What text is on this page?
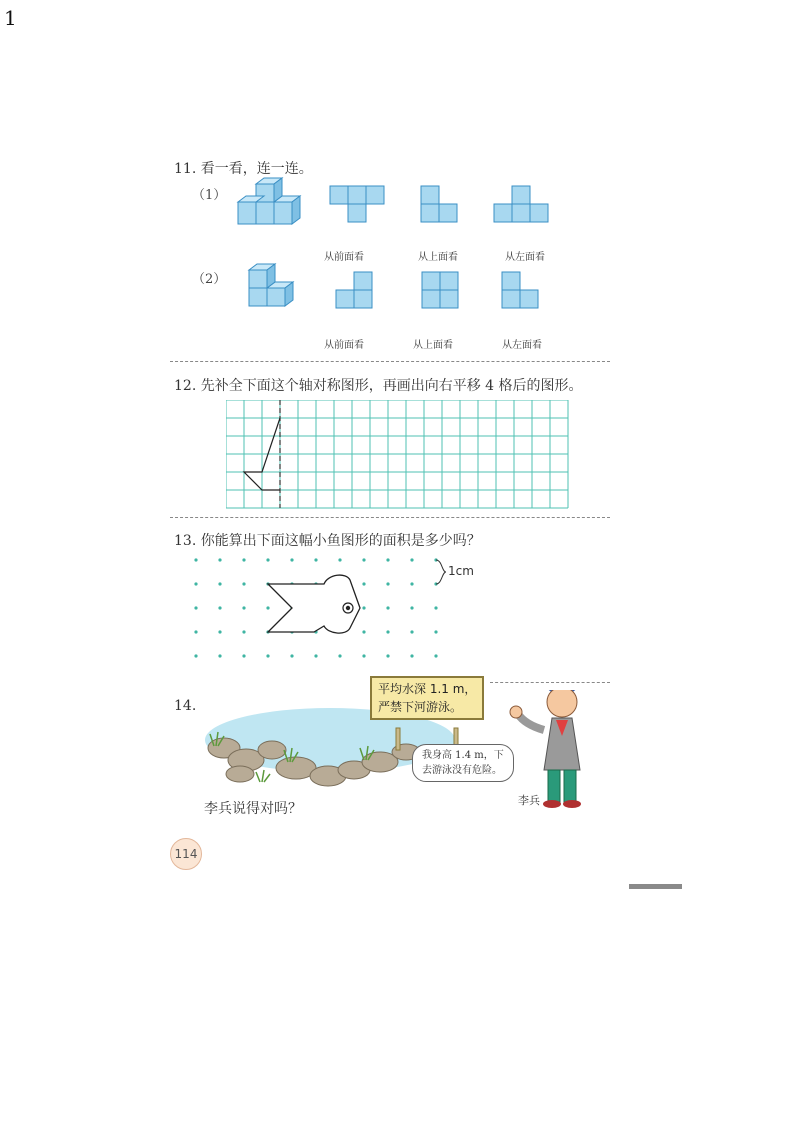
1
11. 看一看，连一连。
（1）
（2）
从前面看	从上面看	从左面看
从前面看	从上面看	从左面看
12. 先补全下面这个轴对称图形，再画出向右平移 4 格后的图形。
13. 你能算出下面这幅小鱼图形的面积是多少吗？
1cm
14.
平均水深 1.1 m，
严禁下河游泳。
我身高 1.4 m，下
去游泳没有危险。
李兵
李兵说得对吗？
114
